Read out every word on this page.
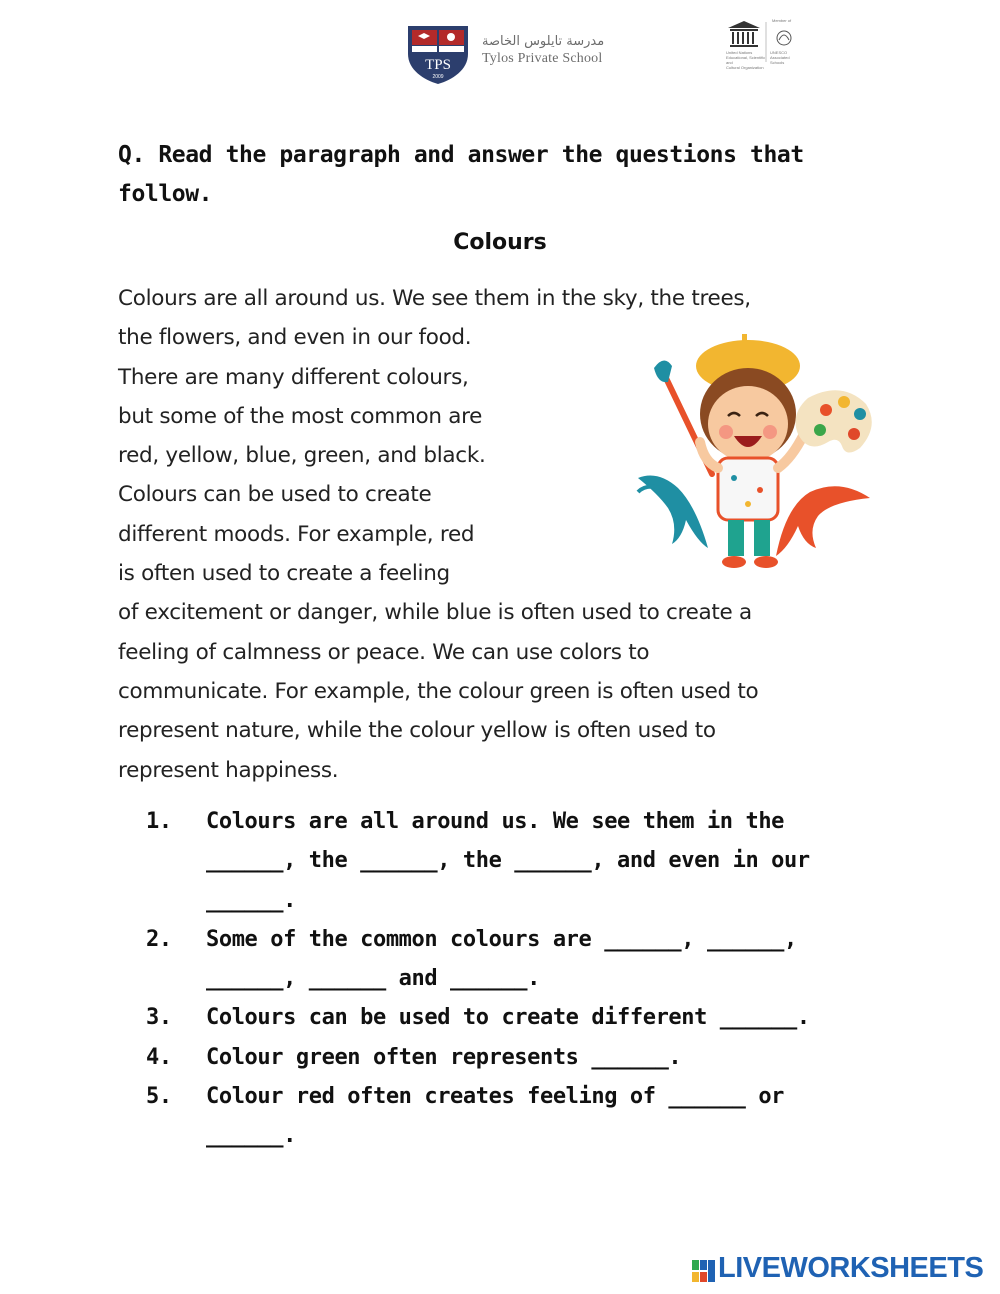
TPS
2009
مدرسة تايلوس الخاصة
Tylos Private School
Member of
United Nations
Educational, Scientific and
Cultural Organization
UNESCO
Associated
Schools
Q. Read the paragraph and answer the questions that
follow.
Colours
Colours are all around us. We see them in the sky, the trees,
the flowers, and even in our food.
There are many different colours,
but some of the most common are
red, yellow, blue, green, and black.
Colours can be used to create
different moods. For example, red
is often used to create a feeling
of excitement or danger, while blue is often used to create a
feeling of calmness or peace. We can use colors to
communicate. For example, the colour green is often used to
represent nature, while the colour yellow is often used to
represent happiness.
1.	Colours are all around us. We see them in the
______, the ______, the ______, and even in our
______.
2.	Some of the common colours are ______, ______,
______, ______ and ______.
3.	Colours can be used to create different ______.
4.	Colour green often represents ______.
5.	Colour red often creates feeling of ______ or
______.
LIVEWORKSHEETS
